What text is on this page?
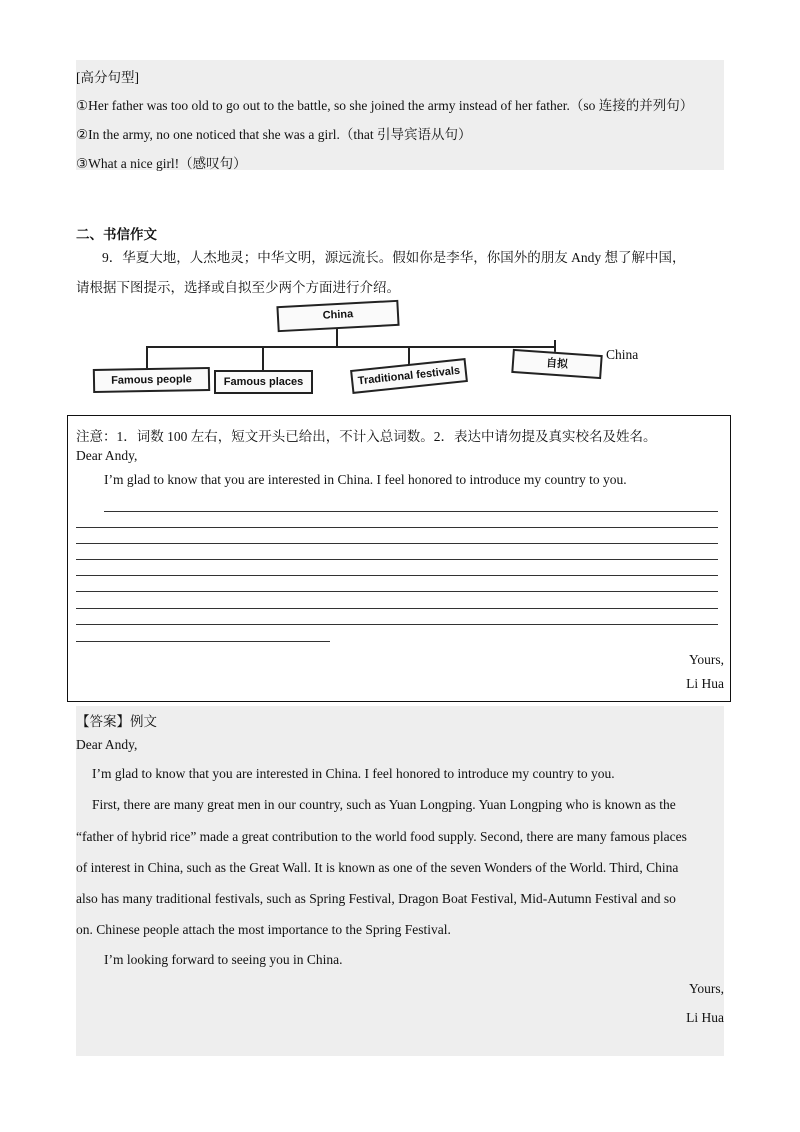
[高分句型]
①Her father was too old to go out to the battle, so she joined the army instead of her father.（so 连接的并列句）
②In the army, no one noticed that she was a girl.（that 引导宾语从句）
③What a nice girl!（感叹句）
二、书信作文
9．华夏大地，人杰地灵；中华文明，源远流长。假如你是李华，你国外的朋友 Andy 想了解中国，
请根据下图提示，选择或自拟至少两个方面进行介绍。
China
Famous people	Famous places	Traditional festivals
自拟
China
注意：1．词数 100 左右，短文开头已给出，不计入总词数。2．表达中请勿提及真实校名及姓名。
Dear Andy,
I’m glad to know that you are interested in China. I feel honored to introduce my country to you.
Yours,
Li Hua
【答案】例文
Dear Andy,
I’m glad to know that you are interested in China. I feel honored to introduce my country to you.
First, there are many great men in our country, such as Yuan Longping. Yuan Longping who is known as the
“father of hybrid rice” made a great contribution to the world food supply. Second, there are many famous places
of interest in China, such as the Great Wall. It is known as one of the seven Wonders of the World. Third, China
also has many traditional festivals, such as Spring Festival, Dragon Boat Festival, Mid-Autumn Festival and so
on. Chinese people attach the most importance to the Spring Festival.
I’m looking forward to seeing you in China.
Yours,
Li Hua
